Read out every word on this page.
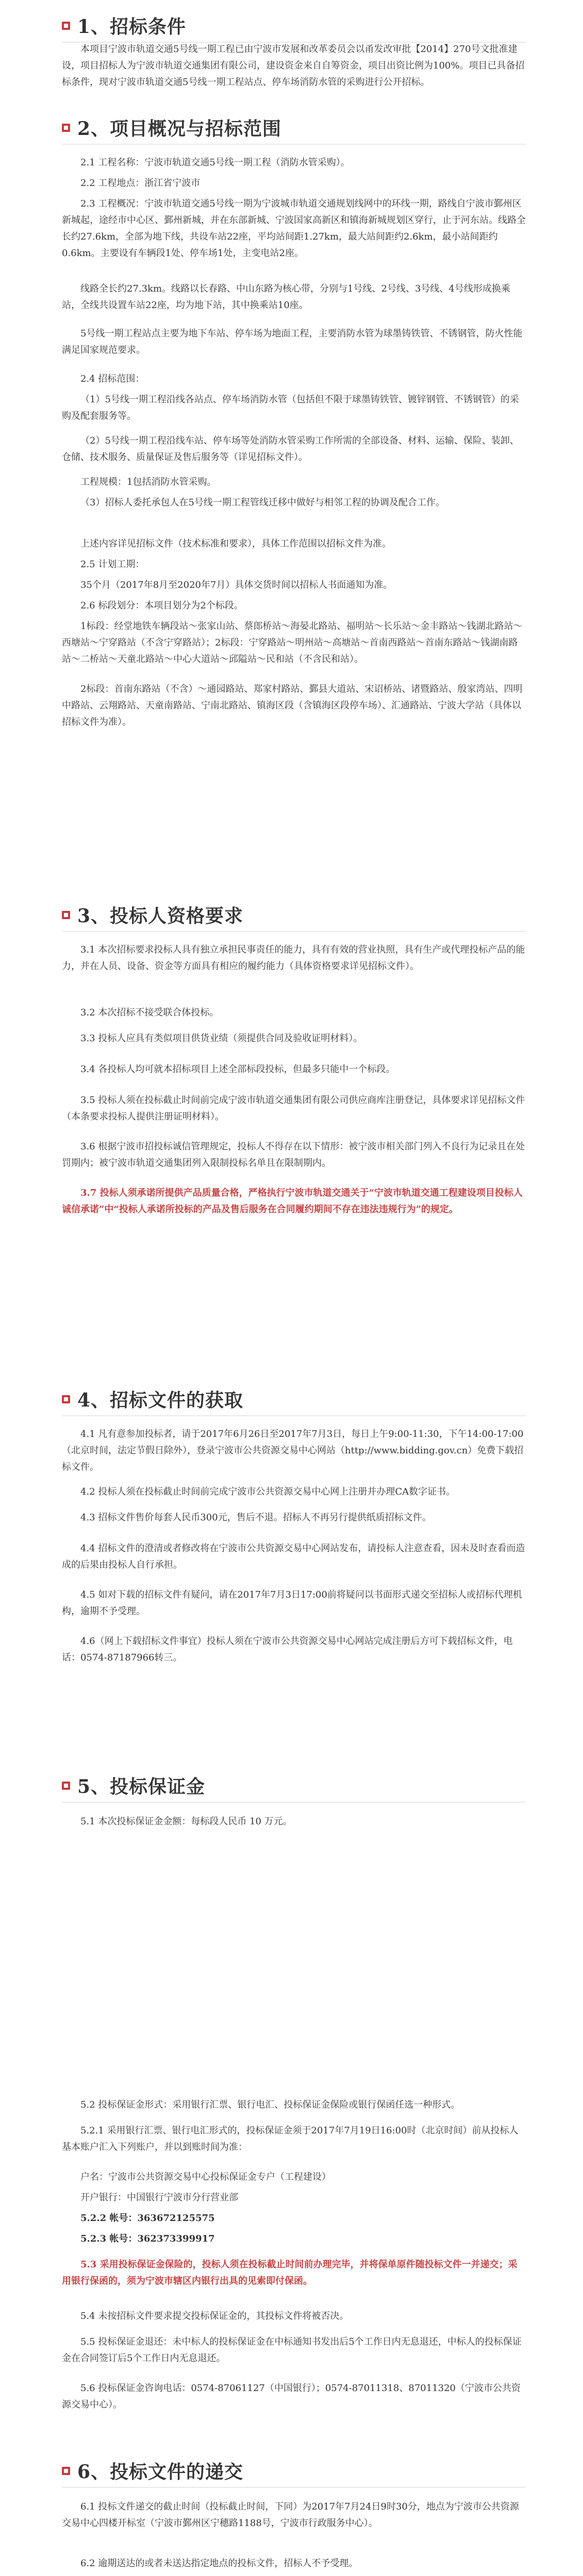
1、招标条件
本项目宁波市轨道交通5号线一期工程已由宁波市发展和改革委员会以甬发改审批【2014】270号文批准建设，项目招标人为宁波市轨道交通集团有限公司，建设资金来自自筹资金，项目出资比例为100%。项目已具备招标条件，现对宁波市轨道交通5号线一期工程站点、停车场消防水管的采购进行公开招标。
2、项目概况与招标范围
2.1 工程名称：宁波市轨道交通5号线一期工程（消防水管采购）。
2.2 工程地点：浙江省宁波市
2.3 工程概况：宁波市轨道交通5号线一期为宁波城市轨道交通规划线网中的环线一期，路线自宁波市鄞州区新城起，途经市中心区、鄞州新城，并在东部新城、宁波国家高新区和镇海新城规划区穿行，止于河东站。线路全长约27.6km，全部为地下线，共设车站22座，平均站间距1.27km，最大站间距约2.6km，最小站间距约0.6km。主要设有车辆段1处、停车场1处，主变电站2座。
线路全长约27.3km。线路以长春路、中山东路为核心带，分别与1号线、2号线、3号线、4号线形成换乘站，全线共设置车站22座，均为地下站，其中换乘站10座。
5号线一期工程站点主要为地下车站、停车场为地面工程，主要消防水管为球墨铸铁管、不锈钢管，防火性能满足国家规范要求。
2.4 招标范围：
（1）5号线一期工程沿线各站点、停车场消防水管（包括但不限于球墨铸铁管、镀锌钢管、不锈钢管）的采购及配套服务等。
（2）5号线一期工程沿线车站、停车场等处消防水管采购工作所需的全部设备、材料、运输、保险、装卸、仓储、技术服务、质量保证及售后服务等（详见招标文件）。
工程规模：1包括消防水管采购。
（3）招标人委托承包人在5号线一期工程管线迁移中做好与相邻工程的协调及配合工作。
上述内容详见招标文件（技术标准和要求），具体工作范围以招标文件为准。
2.5 计划工期：
35个月（2017年8月至2020年7月）具体交货时间以招标人书面通知为准。
2.6 标段划分：本项目划分为2个标段。
1标段：经堂地铁车辆段站～张家山站、蔡郎桥站～海晏北路站、福明站～长乐站～金丰路站～钱湖北路站～西塘站～宁穿路站（不含宁穿路站）；2标段：宁穿路站～明州站～高塘站～首南西路站～首南东路站～钱湖南路站～二桥站～天童北路站～中心大道站～邱隘站～民和站（不含民和站）。
2标段：首南东路站（不含）～通园路站、郑家村路站、鄞县大道站、宋诏桥站、诸暨路站、殷家湾站、四明中路站、云翔路站、天童南路站、宁南北路站、镇海区段（含镇海区段停车场）、汇通路站、宁波大学站（具体以招标文件为准）。
3、投标人资格要求
3.1 本次招标要求投标人具有独立承担民事责任的能力，具有有效的营业执照，具有生产或代理投标产品的能力，并在人员、设备、资金等方面具有相应的履约能力（具体资格要求详见招标文件）。
3.2 本次招标不接受联合体投标。
3.3 投标人应具有类似项目供货业绩（须提供合同及验收证明材料）。
3.4 各投标人均可就本招标项目上述全部标段投标，但最多只能中一个标段。
3.5 投标人须在投标截止时间前完成宁波市轨道交通集团有限公司供应商库注册登记，具体要求详见招标文件（本条要求投标人提供注册证明材料）。
3.6 根据宁波市招投标诚信管理规定，投标人不得存在以下情形：被宁波市相关部门列入不良行为记录且在处罚期内；被宁波市轨道交通集团列入限制投标名单且在限制期内。
3.7 投标人须承诺所提供产品质量合格，严格执行宁波市轨道交通关于“宁波市轨道交通工程建设项目投标人诚信承诺”中“投标人承诺所投标的产品及售后服务在合同履约期间不存在违法违规行为”的规定。
4、招标文件的获取
4.1 凡有意参加投标者，请于2017年6月26日至2017年7月3日，每日上午9:00-11:30，下午14:00-17:00（北京时间，法定节假日除外），登录宁波市公共资源交易中心网站（http://www.bidding.gov.cn）免费下载招标文件。
4.2 投标人须在投标截止时间前完成宁波市公共资源交易中心网上注册并办理CA数字证书。
4.3 招标文件售价每套人民币300元，售后不退。招标人不再另行提供纸质招标文件。
4.4 招标文件的澄清或者修改将在宁波市公共资源交易中心网站发布，请投标人注意查看，因未及时查看而造成的后果由投标人自行承担。
4.5 如对下载的招标文件有疑问，请在2017年7月3日17:00前将疑问以书面形式递交至招标人或招标代理机构，逾期不予受理。
4.6（网上下载招标文件事宜）投标人须在宁波市公共资源交易中心网站完成注册后方可下载招标文件，电话：0574-87187966转三。
5、投标保证金
5.1 本次投标保证金金额：每标段人民币 10 万元。
5.2 投标保证金形式：采用银行汇票、银行电汇、投标保证金保险或银行保函任选一种形式。
5.2.1 采用银行汇票、银行电汇形式的，投标保证金须于2017年7月19日16:00时（北京时间）前从投标人基本账户汇入下列账户，并以到账时间为准：
户名：宁波市公共资源交易中心投标保证金专户（工程建设）
开户银行：中国银行宁波市分行营业部
5.2.2 帐号：363672125575
5.2.3 帐号：362373399917
5.3 采用投标保证金保险的，投标人须在投标截止时间前办理完毕，并将保单原件随投标文件一并递交；采用银行保函的，须为宁波市辖区内银行出具的见索即付保函。
5.4 未按招标文件要求提交投标保证金的，其投标文件将被否决。
5.5 投标保证金退还：未中标人的投标保证金在中标通知书发出后5个工作日内无息退还，中标人的投标保证金在合同签订后5个工作日内无息退还。
5.6 投标保证金咨询电话：0574-87061127（中国银行）；0574-87011318、87011320（宁波市公共资源交易中心）。
6、投标文件的递交
6.1 投标文件递交的截止时间（投标截止时间，下同）为2017年7月24日9时30分，地点为宁波市公共资源交易中心四楼开标室（宁波市鄞州区宁穗路1188号，宁波市行政服务中心）。
6.2 逾期送达的或者未送达指定地点的投标文件，招标人不予受理。
